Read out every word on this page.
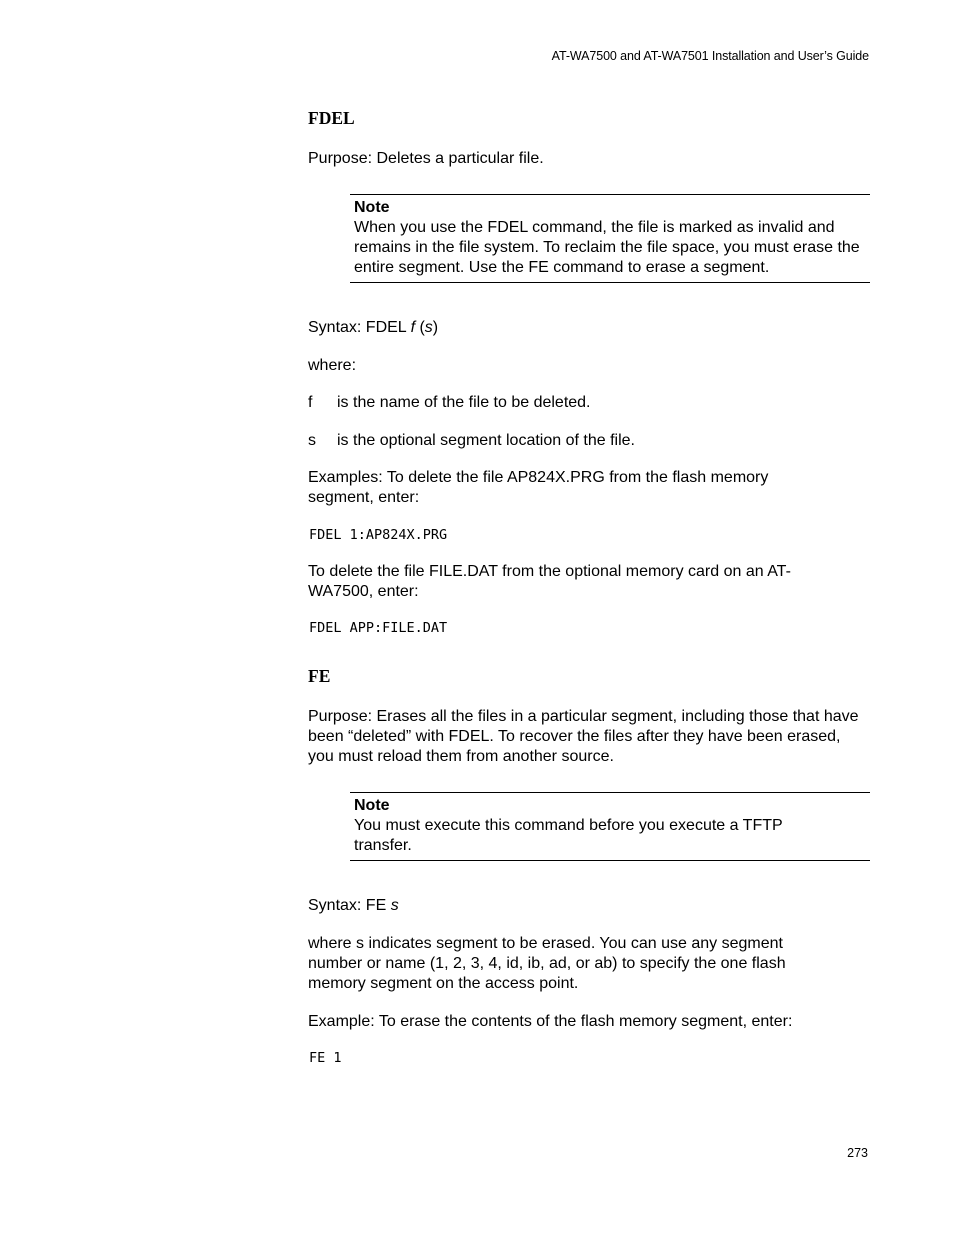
AT-WA7500 and AT-WA7501 Installation and User’s Guide
FDEL
Purpose: Deletes a particular file.
Note
When you use the FDEL command, the file is marked as invalid and remains in the file system. To reclaim the file space, you must erase the entire segment. Use the FE command to erase a segment.
Syntax: FDEL f (s)
where:
f is the name of the file to be deleted.
s is the optional segment location of the file.
Examples: To delete the file AP824X.PRG from the flash memory segment, enter:
FDEL 1:AP824X.PRG
To delete the file FILE.DAT from the optional memory card on an AT-WA7500, enter:
FDEL APP:FILE.DAT
FE
Purpose: Erases all the files in a particular segment, including those that have been “deleted” with FDEL. To recover the files after they have been erased, you must reload them from another source.
Note
You must execute this command before you execute a TFTP transfer.
Syntax: FE s
where s indicates segment to be erased. You can use any segment number or name (1, 2, 3, 4, id, ib, ad, or ab) to specify the one flash memory segment on the access point.
Example: To erase the contents of the flash memory segment, enter:
FE 1
273
